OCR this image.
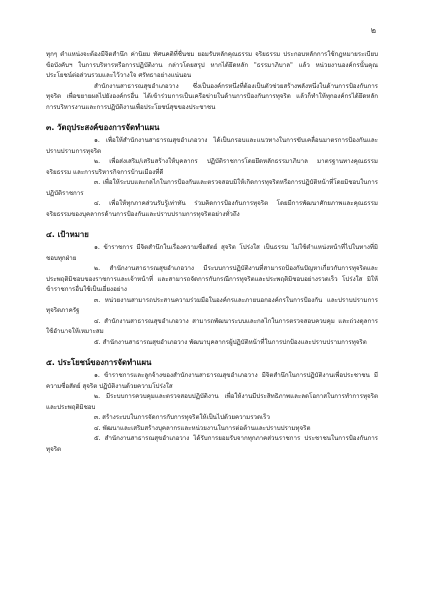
๒

ทุกๆ ตำแหน่งจะต้องมีจิตสำนึก ค่านิยม ทัศนคติที่ชื่นชม ยอมรับหลักคุณธรรม จริยธรรม ประกอบหลักการใช้กฎหมายระเบียบ ข้อบังคับฯ ในการบริหารหรือการปฏิบัติงาน กล่าวโดยสรุป หากได้ยึดหลัก "ธรรมาภิบาล" แล้ว หน่วยงานองค์กรนั้นคุณประโยชน์ต่อส่วนรวมและไว้วางใจ ศรัทธาอย่างแน่นอน

สำนักงานสาธารณสุขอำเภอวาง ซึ่งเป็นองค์กรหนึ่งที่ต้องเป็นตัวช่วยสร้างพลังหนึ่งในด้านการป้องกันการทุจริต เพื่อขยายผลไปยังองค์กรอื่น ได้เข้าร่วมการเป็นเครือข่ายในด้านการป้องกันการทุจริต แล้วก็ทำให้ทุกองค์กรได้ยึดหลักการบริหารงานและการปฏิบัติงานเพื่อประโยชน์สุขของประชาชน

๓. วัตถุประสงค์ของการจัดทำแผน
๑. เพื่อให้สำนักงานสาธารณสุขอำเภอวาง ได้เป็นกรอบและแนวทางในการขับเคลื่อนมาตรการป้องกันและปราบปรามการทุจริต
๒. เพื่อส่งเสริม/เสริมสร้างให้บุคลากร ปฏิบัติราชการโดยยึดหลักธรรมาภิบาล มาตรฐานทางคุณธรรม จริยธรรม และการบริหารกิจการบ้านเมืองที่ดี
๓. เพื่อให้ระบบและกลไกในการป้องกันและตรวจสอบมิให้เกิดการทุจริตหรือการปฏิบัติหน้าที่โดยมิชอบในการปฏิบัติราชการ
๔. เพื่อให้ทุกภาคส่วนรับรู้เท่าทัน ร่วมคิดการป้องกันการทุจริต โดยมีการพัฒนาศักยภาพและคุณธรรมจริยธรรมของบุคลากรด้านการป้องกันและปราบปรามการทุจริตอย่างทั่วถึง
๔. เป้าหมาย
๑. ข้าราชการ มีจิตสำนึกในเรื่องความซื่อสัตย์ สุจริต โปร่งใส เป็นธรรม ไม่ใช้ตำแหน่งหน้าที่ไปในทางที่มิชอบทุกฝ่าย
๒. สำนักงานสาธารณสุขอำเภอวาง มีระบบการปฏิบัติงานที่สามารถป้องกันปัญหาเกี่ยวกับการทุจริตและประพฤติมิชอบของราชการและเจ้าหน้าที่ และสามารถจัดการกับกรณีการทุจริตและประพฤติมิชอบอย่างรวดเร็ว โปร่งใส มิให้ข้าราชการอื่นใช้เป็นเยี่ยงอย่าง
๓. หน่วยงานสามารถประสานความร่วมมือในองค์กรและภายนอกองค์กรในการป้องกัน และปราบปรามการทุจริตภาครัฐ
๔. สำนักงานสาธารณสุขอำเภอวาง สามารถพัฒนาระบบและกลไกในการตรวจสอบควบคุม และถ่วงดุลการใช้อำนาจให้เหมาะสม
๕. สำนักงานสาธารณสุขอำเภอวาง พัฒนาบุคลากรผู้ปฏิบัติหน้าที่ในการปกป้องและปราบปรามการทุจริต
๕. ประโยชน์ของการจัดทำแผน
๑. ข้าราชการและลูกจ้างของสำนักงานสาธารณสุขอำเภอวาง มีจิตสำนึกในการปฏิบัติงานเพื่อประชาชน มีความซื่อสัตย์ สุจริต ปฏิบัติงานด้วยความโปร่งใส
๒. มีระบบการควบคุมและตรวจสอบปฏิบัติงาน เพื่อให้งานมีประสิทธิภาพและลดโอกาสในการทำการทุจริตและประพฤติมิชอบ
๓. สร้างระบบในการจัดการกับการทุจริตให้เป็นไปด้วยความรวดเร็ว
๔. พัฒนาและเสริมสร้างบุคลากรและหน่วยงานในการต่อต้านและปราบปรามทุจริต
๕. สำนักงานสาธารณสุขอำเภอวาง ได้รับการยอมรับจากทุกภาคส่วนราชการ ประชาชนในการป้องกันการทุจริต
